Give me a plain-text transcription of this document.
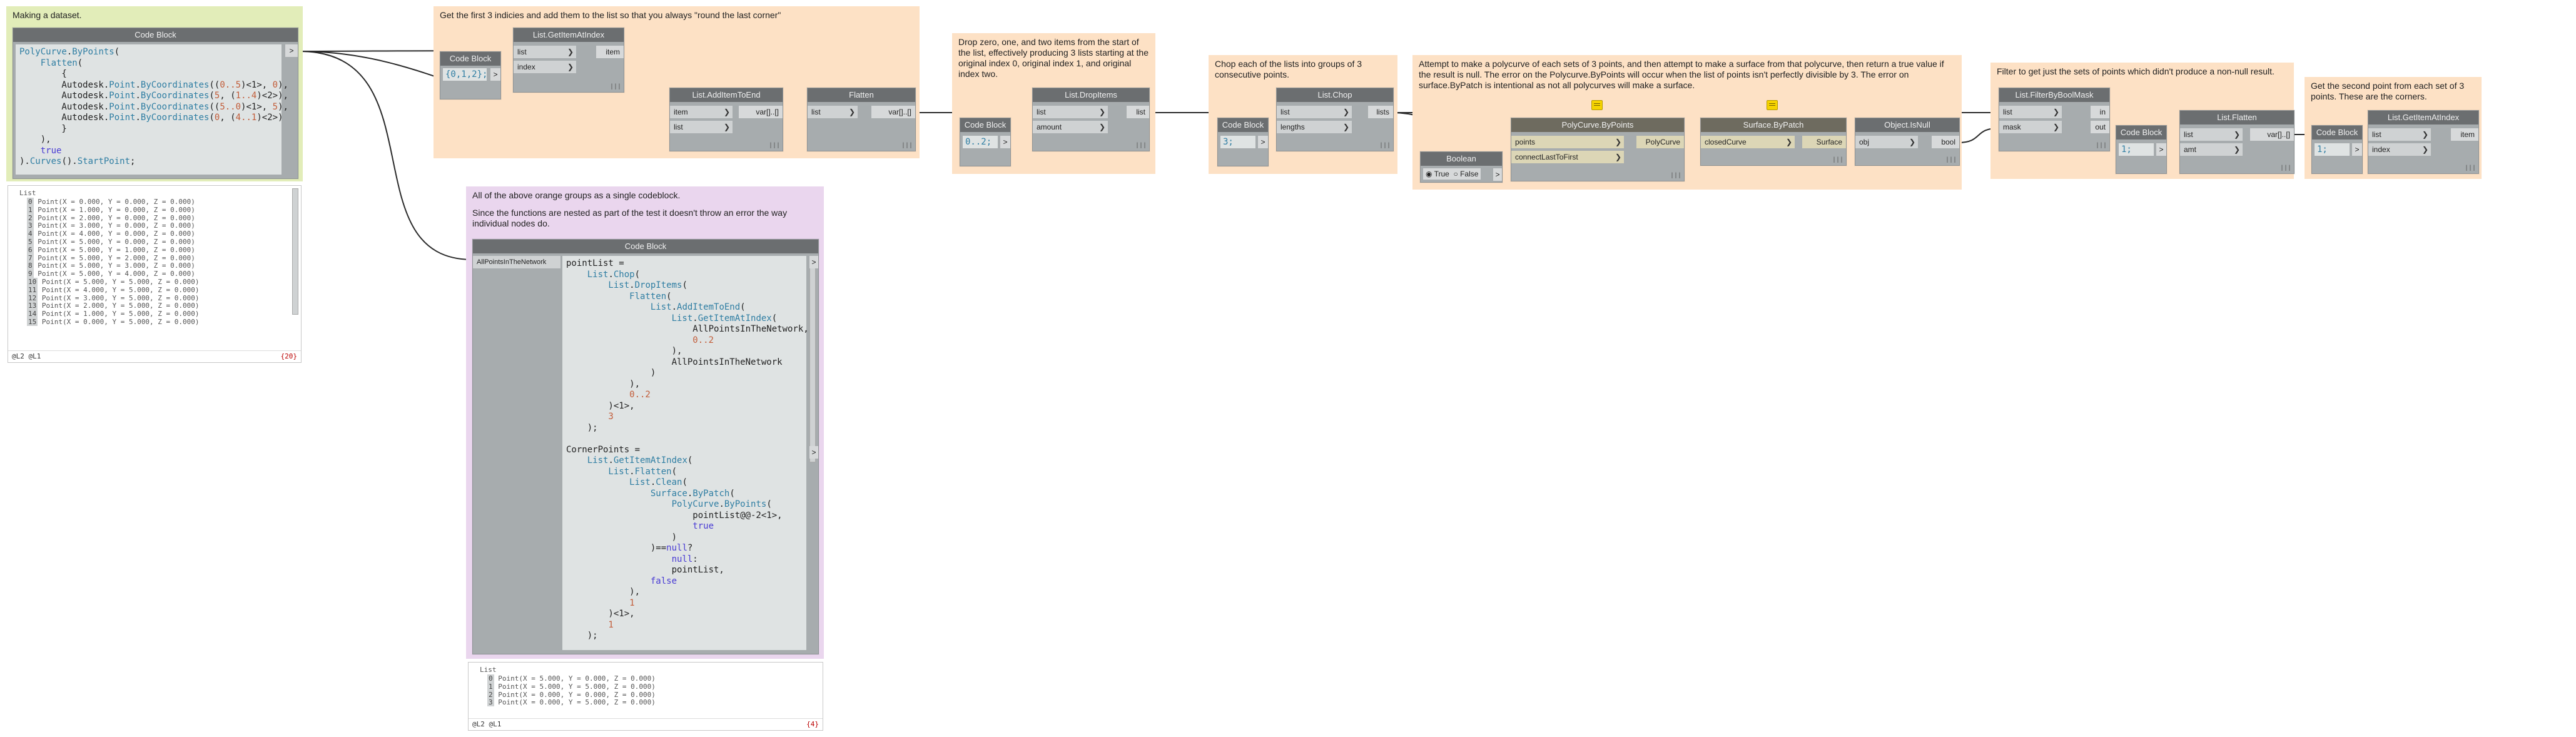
Making a dataset.	Get the first 3 indicies and add them to the list so that you always "round the last corner"
Drop zero, one, and two items from the start of the list, effectively producing 3 lists starting at the original index 0, original index 1, and original index two.
Chop each of the lists into groups of 3 consecutive points.
Attempt to make a polycurve of each sets of 3 points, and then attempt to make a surface from that polycurve, then return a true value if the result is null. The error on the Polycurve.ByPoints will occur when the list of points isn't perfectly divisible by 3. The error on surface.ByPatch is intentional as not all polycurves will make a surface.
Filter to get just the sets of points which didn't produce a non-null result.
Get the second point from each set of 3 points. These are the corners.
All of the above orange groups as a single codeblock.
Since the functions are nested as part of the test it doesn't throw an error the way individual nodes do.
Code Block
PolyCurve.ByPoints(
Flatten(
{
Autodesk.Point.ByCoordinates((0..5)<1>, 0),
Autodesk.Point.ByCoordinates(5, (1..4)<2>),
Autodesk.Point.ByCoordinates((5..0)<1>, 5),
Autodesk.Point.ByCoordinates(0, (4..1)<2>)
}
),
true
).Curves().StartPoint;
>
List
0 Point(X = 0.000, Y = 0.000, Z = 0.000)
1 Point(X = 1.000, Y = 0.000, Z = 0.000)
2 Point(X = 2.000, Y = 0.000, Z = 0.000)
3 Point(X = 3.000, Y = 0.000, Z = 0.000)
4 Point(X = 4.000, Y = 0.000, Z = 0.000)
5 Point(X = 5.000, Y = 0.000, Z = 0.000)
6 Point(X = 5.000, Y = 1.000, Z = 0.000)
7 Point(X = 5.000, Y = 2.000, Z = 0.000)
8 Point(X = 5.000, Y = 3.000, Z = 0.000)
9 Point(X = 5.000, Y = 4.000, Z = 0.000)
10 Point(X = 5.000, Y = 5.000, Z = 0.000)
11 Point(X = 4.000, Y = 5.000, Z = 0.000)
12 Point(X = 3.000, Y = 5.000, Z = 0.000)
13 Point(X = 2.000, Y = 5.000, Z = 0.000)
14 Point(X = 1.000, Y = 5.000, Z = 0.000)
15 Point(X = 0.000, Y = 5.000, Z = 0.000)
@L2 @L1	{20}
Code Block
{0,1,2}; >
List.GetItemAtIndex
list	❯
index	❯
item
|||
List.AddItemToEnd
item	❯
list	❯
var[]..[]
|||
Flatten
list	❯	var[]..[]
|||
Code Block
0..2;	>
List.DropItems
list	❯
amount	❯
list
|||
Code Block
3;	>
List.Chop
list	❯
lengths	❯
lists
|||
Boolean
◉ True ○ False	>
PolyCurve.ByPoints
points	❯
connectLastToFirst	❯
PolyCurve
|||
Surface.ByPatch
closedCurve	❯	Surface
|||
Object.IsNull
obj	❯	bool
|||
List.FilterByBoolMask
list	❯
mask	❯
in
out
|||
Code Block
1;	>
List.Flatten
list	❯
amt	❯
var[]..[]
|||
Code Block
1;	>
List.GetItemAtIndex
list	❯
index	❯
item
|||
Code Block
AllPointsInTheNetwork	pointList =
List.Chop(
List.DropItems(
Flatten(
List.AddItemToEnd(
List.GetItemAtIndex(
AllPointsInTheNetwork,
0..2
),
AllPointsInTheNetwork
)
),
0..2
)<1>,
3
);
CornerPoints =
List.GetItemAtIndex(
List.Flatten(
List.Clean(
Surface.ByPatch(
PolyCurve.ByPoints(
pointList@@-2<1>,
true
)
)==null?
null:
pointList,
false
),
1
)<1>,
1
);
>
>
List
0 Point(X = 5.000, Y = 0.000, Z = 0.000)
1 Point(X = 5.000, Y = 5.000, Z = 0.000)
2 Point(X = 0.000, Y = 0.000, Z = 0.000)
3 Point(X = 0.000, Y = 5.000, Z = 0.000)
@L2 @L1	{4}
